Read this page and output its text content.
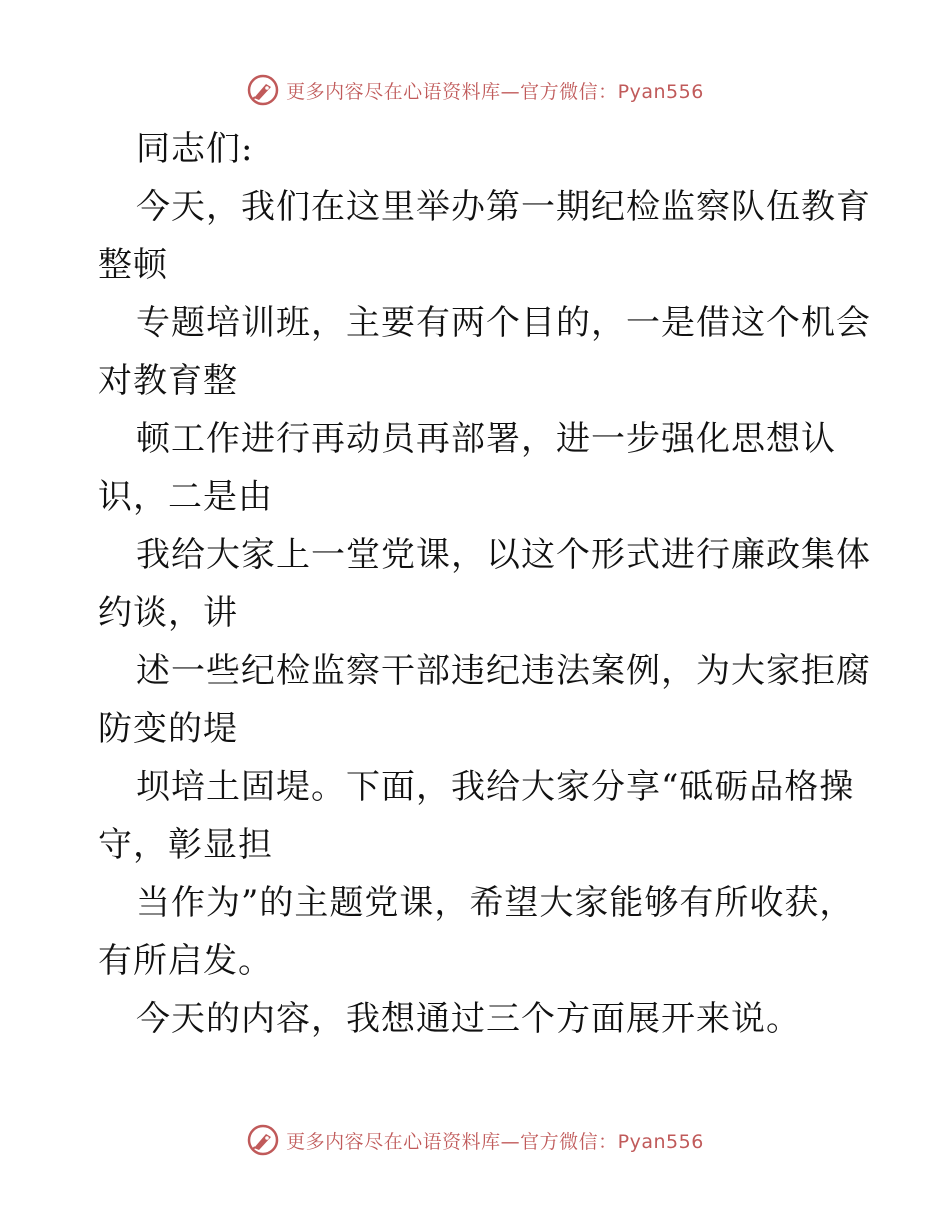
更多内容尽在心语资料库—官方微信：Pyan556
同志们:
今天，我们在这里举办第一期纪检监察队伍教育
整顿
专题培训班，主要有两个目的，一是借这个机会
对教育整
顿工作进行再动员再部署，进一步强化思想认
识，二是由
我给大家上一堂党课，以这个形式进行廉政集体
约谈，讲
述一些纪检监察干部违纪违法案例，为大家拒腐
防变的堤
坝培土固堤。下面，我给大家分享“砥砺品格操
守，彰显担
当作为”的主题党课，希望大家能够有所收获，
有所启发。
今天的内容，我想通过三个方面展开来说。
更多内容尽在心语资料库—官方微信：Pyan556
